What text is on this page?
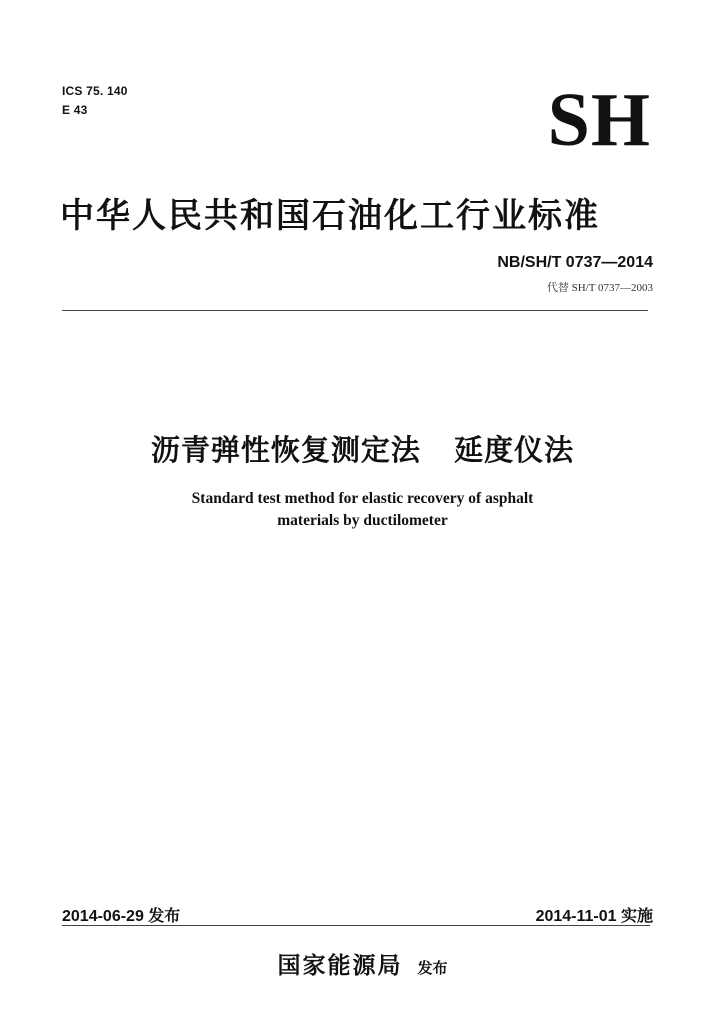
ICS 75. 140
E 43	SH
中华人民共和国石油化工行业标准
NB/SH/T 0737—2014
代替 SH/T 0737—2003
沥青弹性恢复测定法   延度仪法
Standard test method for elastic recovery of asphalt
materials by ductilometer
2014-06-29 发布	2014-11-01 实施
国家能源局 发布
